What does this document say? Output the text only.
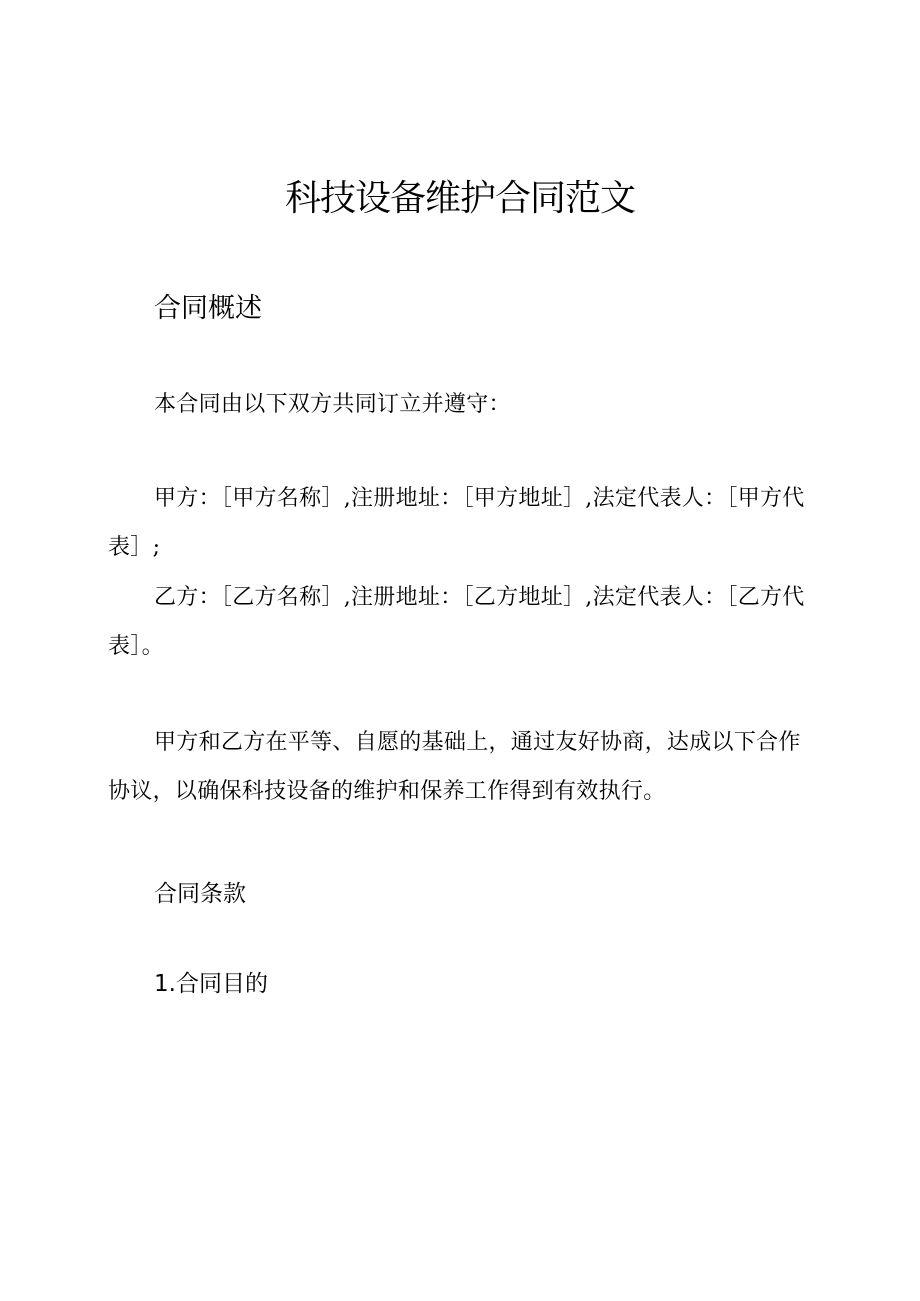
科技设备维护合同范文
合同概述

本合同由以下双方共同订立并遵守：

甲方：［甲方名称］,注册地址：［甲方地址］,法定代表人：［甲方代表］;

乙方：［乙方名称］,注册地址：［乙方地址］,法定代表人：［乙方代表］。

甲方和乙方在平等、自愿的基础上，通过友好协商，达成以下合作协议，以确保科技设备的维护和保养工作得到有效执行。

合同条款
1.合同目的
